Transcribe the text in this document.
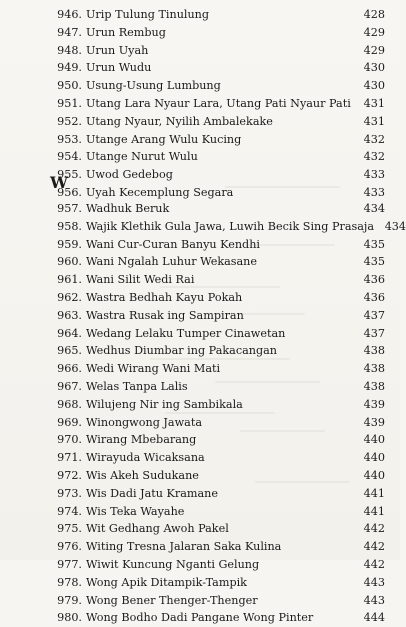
946. Urip Tulung Tinulung	428
947. Urun Rembug	429
948. Urun Uyah	429
949. Urun Wudu	430
950. Usung-Usung Lumbung	430
951. Utang Lara Nyaur Lara, Utang Pati Nyaur Pati	431
952. Utang Nyaur, Nyilih Ambalekake	431
953. Utange Arang Wulu Kucing	432
954. Utange Nurut Wulu	432
955. Uwod Gedebog	433
956. Uyah Kecemplung Segara	433
W
957. Wadhuk Beruk	434
958. Wajik Klethik Gula Jawa, Luwih Becik Sing Prasaja 434
959. Wani Cur-Curan Banyu Kendhi	435
960. Wani Ngalah Luhur Wekasane	435
961. Wani Silit Wedi Rai	436
962. Wastra Bedhah Kayu Pokah	436
963. Wastra Rusak ing Sampiran	437
964. Wedang Lelaku Tumper Cinawetan	437
965. Wedhus Diumbar ing Pakacangan	438
966. Wedi Wirang Wani Mati	438
967. Welas Tanpa Lalis	438
968. Wilujeng Nir ing Sambikala	439
969. Winongwong Jawata	439
970. Wirang Mbebarang	440
971. Wirayuda Wicaksana	440
972. Wis Akeh Sudukane	440
973. Wis Dadi Jatu Kramane	441
974. Wis Teka Wayahe	441
975. Wit Gedhang Awoh Pakel	442
976. Witing Tresna Jalaran Saka Kulina	442
977. Wiwit Kuncung Nganti Gelung	442
978. Wong Apik Ditampik-Tampik	443
979. Wong Bener Thenger-Thenger	443
980. Wong Bodho Dadi Pangane Wong Pinter	444
